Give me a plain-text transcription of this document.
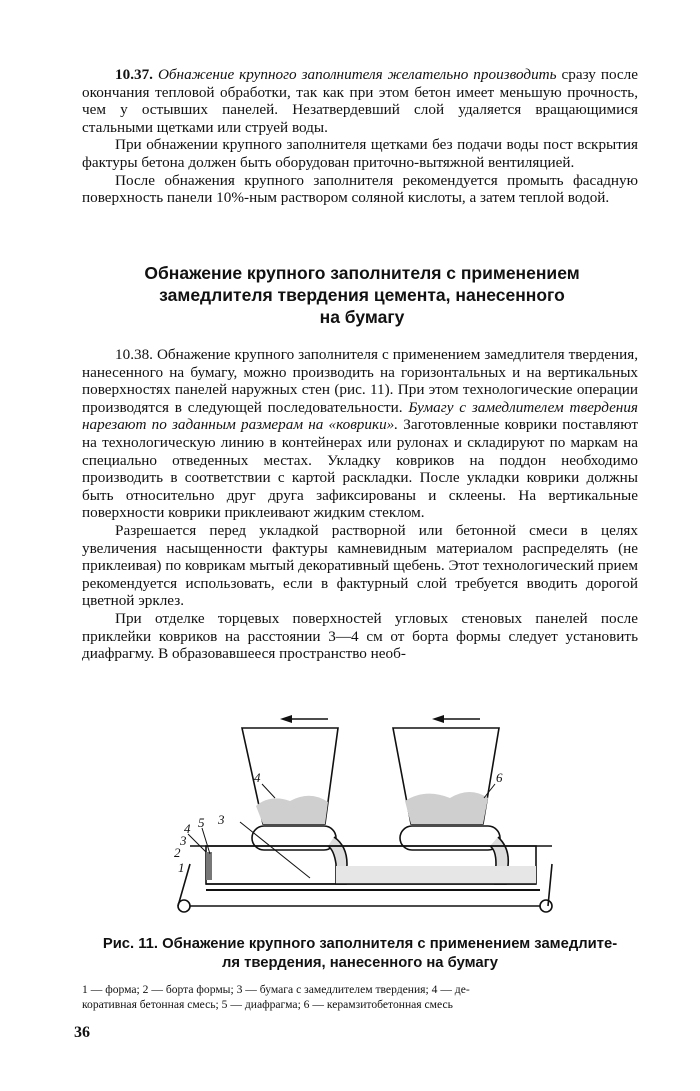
10.37. Обнажение крупного заполнителя желательно производить сразу после окончания тепловой обработки, так как при этом бетон имеет меньшую прочность, чем у остывших панелей. Незатвердевший слой удаляется вращающимися стальными щетками или струей воды.

При обнажении крупного заполнителя щетками без подачи воды пост вскрытия фактуры бетона должен быть оборудован приточно-вытяжной вентиляцией.

После обнажения крупного заполнителя рекомендуется промыть фасадную поверхность панели 10%-ным раствором соляной кислоты, а затем теплой водой.

Обнажение крупного заполнителя с применением
замедлителя твердения цемента, нанесенного
на бумагу

10.38. Обнажение крупного заполнителя с применением замедлителя твердения, нанесенного на бумагу, можно производить на горизонтальных и на вертикальных поверхностях панелей наружных стен (рис. 11). При этом технологические операции производятся в следующей последовательности. Бумагу с замедлителем твердения нарезают по заданным размерам на «коврики». Заготовленные коврики поставляют на технологическую линию в контейнерах или рулонах и складируют по маркам на специально отведенных местах. Укладку ковриков на поддон необходимо производить в соответствии с картой раскладки. После укладки коврики должны быть относительно друг друга зафиксированы и склеены. На вертикальные поверхности коврики приклеивают жидким стеклом.

Разрешается перед укладкой растворной или бетонной смеси в целях увеличения насыщенности фактуры камневидным материалом распределять (не приклеивая) по коврикам мытый декоративный щебень. Этот технологический прием рекомендуется использовать, если в фактурный слой требуется вводить дорогой цветной эрклез.

При отделке торцевых поверхностей угловых стеновых панелей после приклейки ковриков на расстоянии 3—4 см от борта формы следует установить диафрагму. В образовавшееся пространство необ-

1
2
3
4 5 3
4	6
Рис. 11. Обнажение крупного заполнителя с применением замедлите-
ля твердения, нанесенного на бумагу
1 — форма; 2 — борта формы; 3 — бумага с замедлителем твердения; 4 — де-
коративная бетонная смесь; 5 — диафрагма; 6 — керамзитобетонная смесь
36
